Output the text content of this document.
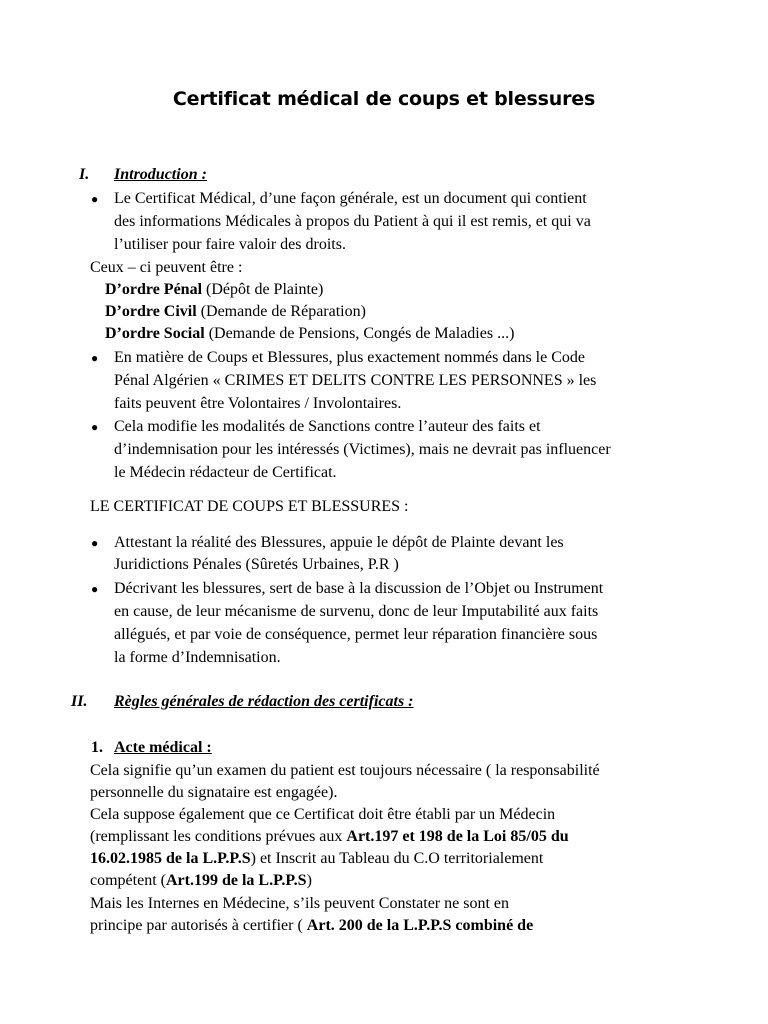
Certificat médical de coups et blessures
I. Introduction :
● Le Certificat Médical, d’une façon générale, est un document qui contient
des informations Médicales à propos du Patient à qui il est remis, et qui va
l’utiliser pour faire valoir des droits.
Ceux – ci peuvent être :
D’ordre Pénal (Dépôt de Plainte)
D’ordre Civil (Demande de Réparation)
D’ordre Social (Demande de Pensions, Congés de Maladies ...)
● En matière de Coups et Blessures, plus exactement nommés dans le Code
Pénal Algérien « CRIMES ET DELITS CONTRE LES PERSONNES » les
faits peuvent être Volontaires / Involontaires.
● Cela modifie les modalités de Sanctions contre l’auteur des faits et
d’indemnisation pour les intéressés (Victimes), mais ne devrait pas influencer
le Médecin rédacteur de Certificat.
LE CERTIFICAT DE COUPS ET BLESSURES :
● Attestant la réalité des Blessures, appuie le dépôt de Plainte devant les
Juridictions Pénales (Sûretés Urbaines, P.R )
● Décrivant les blessures, sert de base à la discussion de l’Objet ou Instrument
en cause, de leur mécanisme de survenu, donc de leur Imputabilité aux faits
allégués, et par voie de conséquence, permet leur réparation financière sous
la forme d’Indemnisation.
II. Règles générales de rédaction des certificats :
1. Acte médical :
Cela signifie qu’un examen du patient est toujours nécessaire ( la responsabilité
personnelle du signataire est engagée).
Cela suppose également que ce Certificat doit être établi par un Médecin
(remplissant les conditions prévues aux Art.197 et 198 de la Loi 85/05 du
16.02.1985 de la L.P.P.S) et Inscrit au Tableau du C.O territorialement
compétent (Art.199 de la L.P.P.S)
Mais les Internes en Médecine, s’ils peuvent Constater ne sont en
principe par autorisés à certifier ( Art. 200 de la L.P.P.S combiné de
